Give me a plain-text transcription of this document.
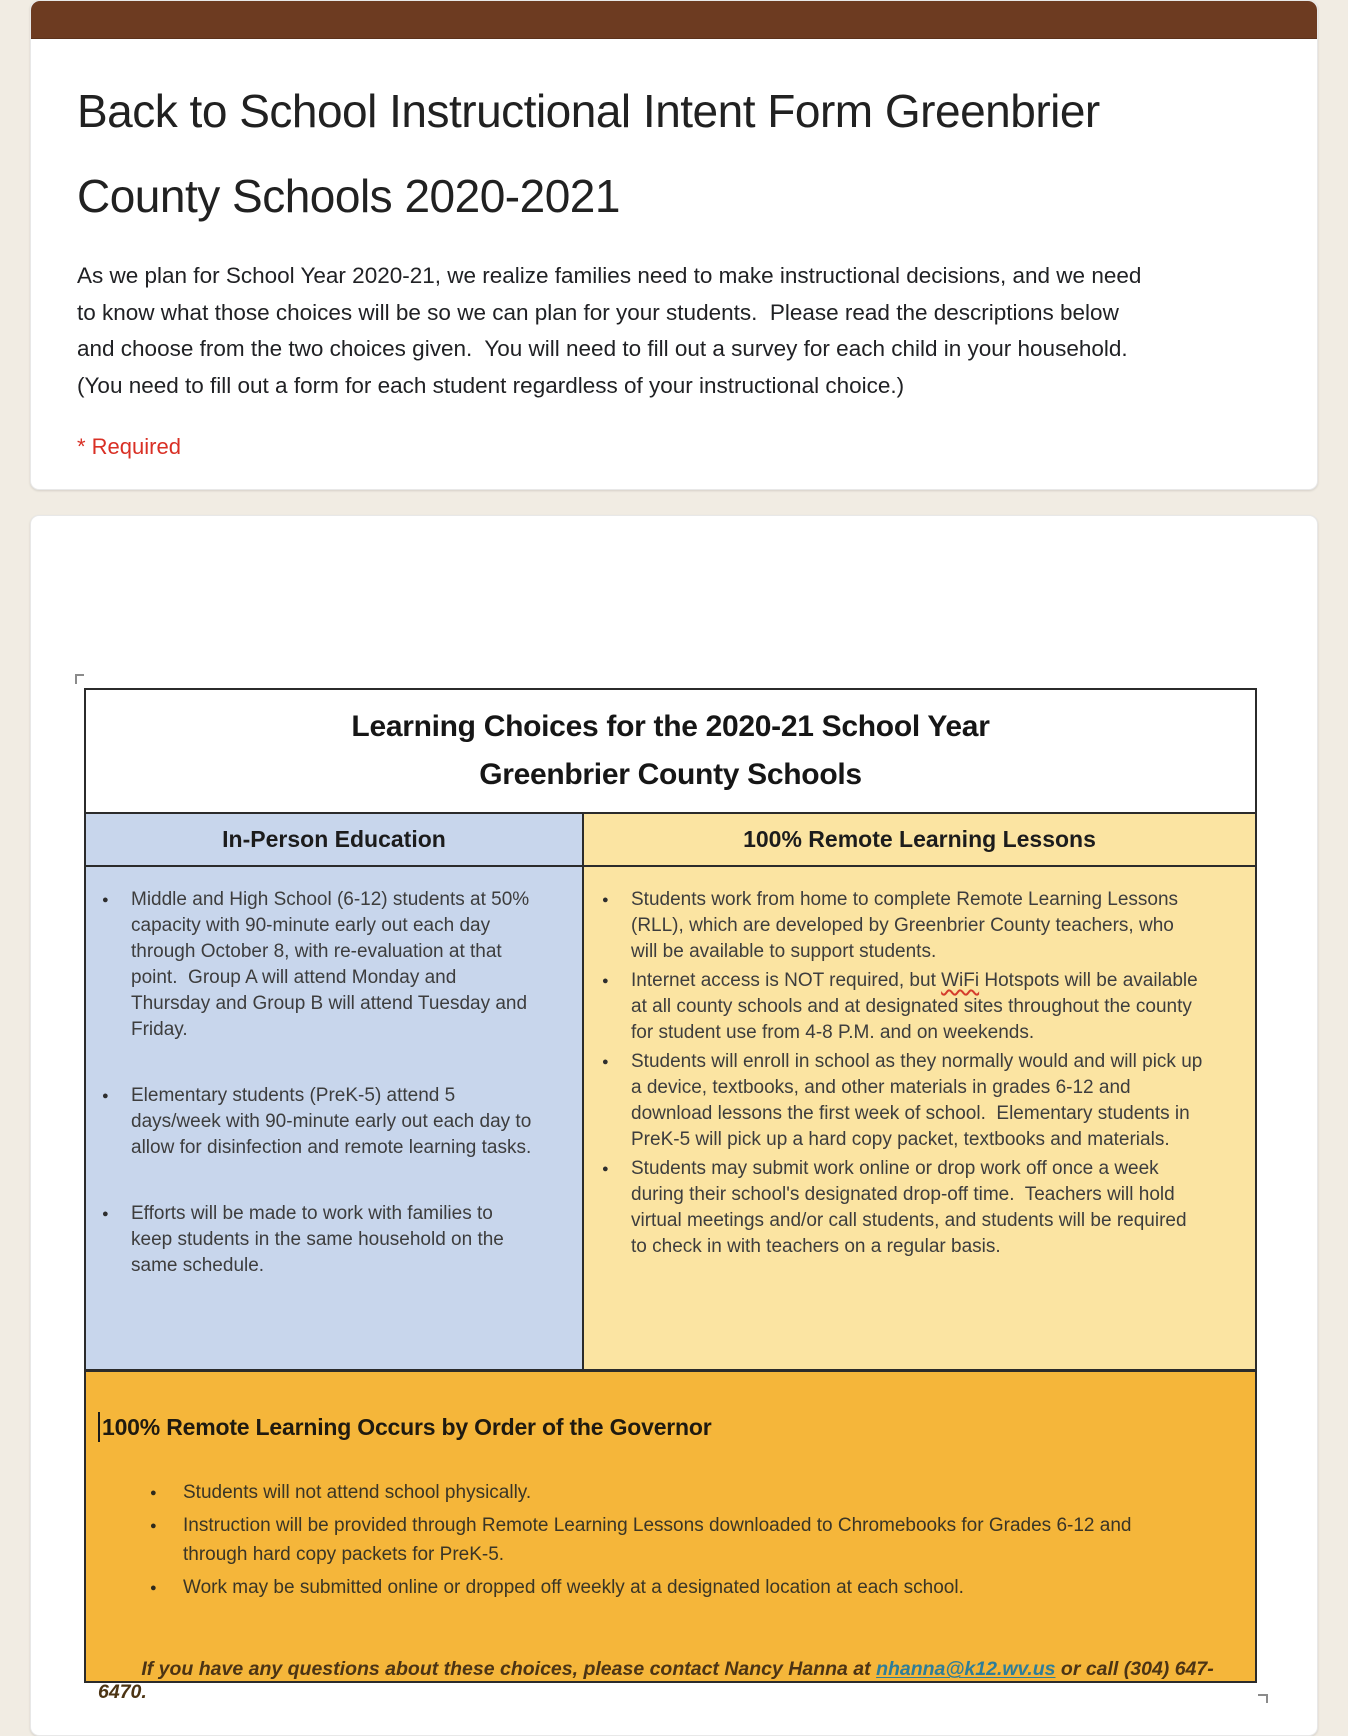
Back to School Instructional Intent Form Greenbrier County Schools 2020-2021

As we plan for School Year 2020-21, we realize families need to make instructional decisions, and we need to know what those choices will be so we can plan for your students.  Please read the descriptions below and choose from the two choices given.  You will need to fill out a survey for each child in your household.  (You need to fill out a form for each student regardless of your instructional choice.)

* Required

Learning Choices for the 2020-21 School Year
Greenbrier County Schools
In-Person Education
● Middle and High School (6-12) students at 50% capacity with 90-minute early out each day through October 8, with re-evaluation at that point.  Group A will attend Monday and Thursday and Group B will attend Tuesday and Friday.
● Elementary students (PreK-5) attend 5 days/week with 90-minute early out each day to allow for disinfection and remote learning tasks.
● Efforts will be made to work with families to keep students in the same household on the same schedule.
100% Remote Learning Lessons
● Students work from home to complete Remote Learning Lessons (RLL), which are developed by Greenbrier County teachers, who will be available to support students.
● Internet access is NOT required, but WiFi Hotspots will be available at all county schools and at designated sites throughout the county for student use from 4-8 P.M. and on weekends.
● Students will enroll in school as they normally would and will pick up a device, textbooks, and other materials in grades 6-12 and download lessons the first week of school.  Elementary students in PreK-5 will pick up a hard copy packet, textbooks and materials.
● Students may submit work online or drop work off once a week during their school's designated drop-off time.  Teachers will hold virtual meetings and/or call students, and students will be required to check in with teachers on a regular basis.
100% Remote Learning Occurs by Order of the Governor
● Students will not attend school physically.
● Instruction will be provided through Remote Learning Lessons downloaded to Chromebooks for Grades 6-12 and through hard copy packets for PreK-5.
● Work may be submitted online or dropped off weekly at a designated location at each school.

If you have any questions about these choices, please contact Nancy Hanna at nhanna@k12.wv.us or call (304) 647-6470.
